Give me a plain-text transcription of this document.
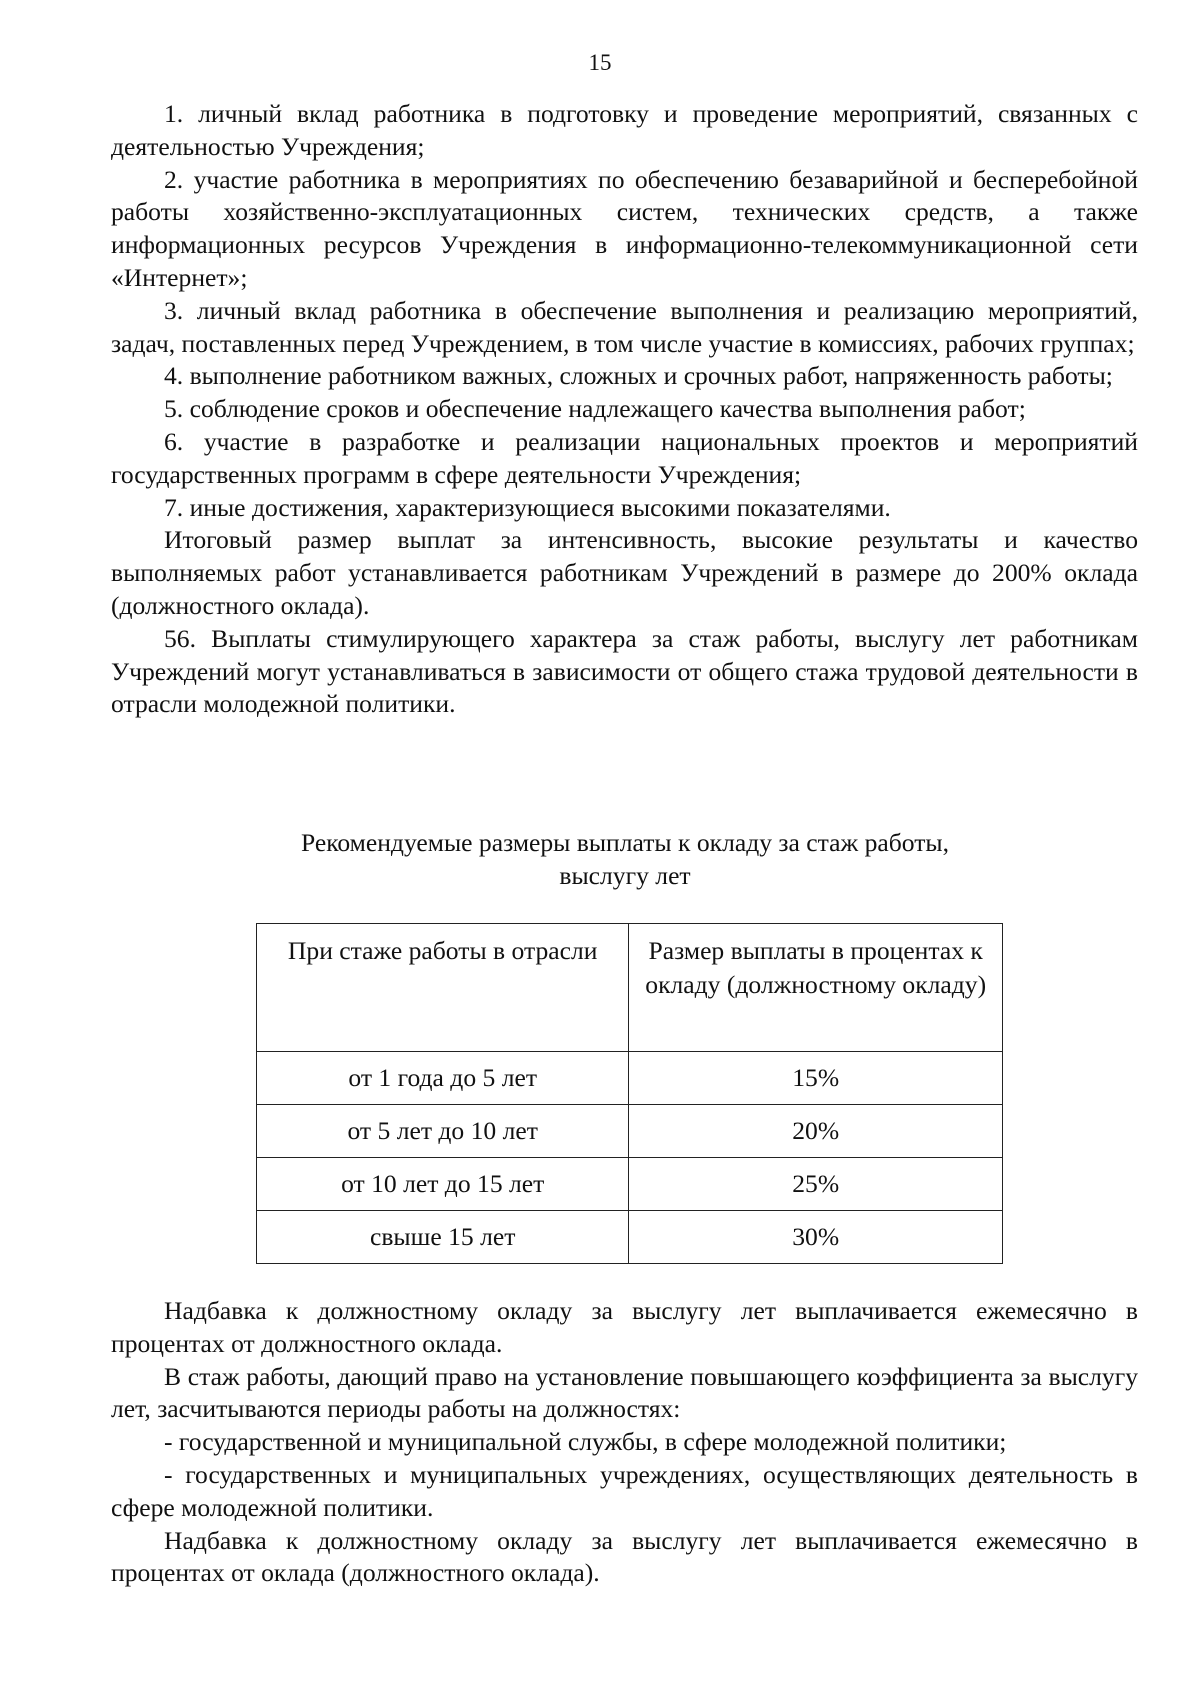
15

1. личный вклад работника в подготовку и проведение мероприятий, связанных с деятельностью Учреждения;

2. участие работника в мероприятиях по обеспечению безаварийной и бесперебойной работы хозяйственно-эксплуатационных систем, технических средств, а также информационных ресурсов Учреждения в информационно-телекоммуникационной сети «Интернет»;

3. личный вклад работника в обеспечение выполнения и реализацию мероприятий, задач, поставленных перед Учреждением, в том числе участие в комиссиях, рабочих группах;

4. выполнение работником важных, сложных и срочных работ, напряженность работы;

5. соблюдение сроков и обеспечение надлежащего качества выполнения работ;

6. участие в разработке и реализации национальных проектов и мероприятий государственных программ в сфере деятельности Учреждения;

7. иные достижения, характеризующиеся высокими показателями.

Итоговый размер выплат за интенсивность, высокие результаты и качество выполняемых работ устанавливается работникам Учреждений в размере до 200% оклада (должностного оклада).

56. Выплаты стимулирующего характера за стаж работы, выслугу лет работникам Учреждений могут устанавливаться в зависимости от общего стажа трудовой деятельности в отрасли молодежной политики.

Рекомендуемые размеры выплаты к окладу за стаж работы,
выслугу лет
При стаже работы в отрасли	Размер выплаты в процентах к окладу (должностному окладу)
от 1 года до 5 лет	15%
от 5 лет до 10 лет	20%
от 10 лет до 15 лет	25%
свыше 15 лет	30%

Надбавка к должностному окладу за выслугу лет выплачивается ежемесячно в процентах от должностного оклада.

В стаж работы, дающий право на установление повышающего коэффициента за выслугу лет, засчитываются периоды работы на должностях:

- государственной и муниципальной службы, в сфере молодежной политики;

- государственных и муниципальных учреждениях, осуществляющих деятельность в сфере молодежной политики.

Надбавка к должностному окладу за выслугу лет выплачивается ежемесячно в процентах от оклада (должностного оклада).
